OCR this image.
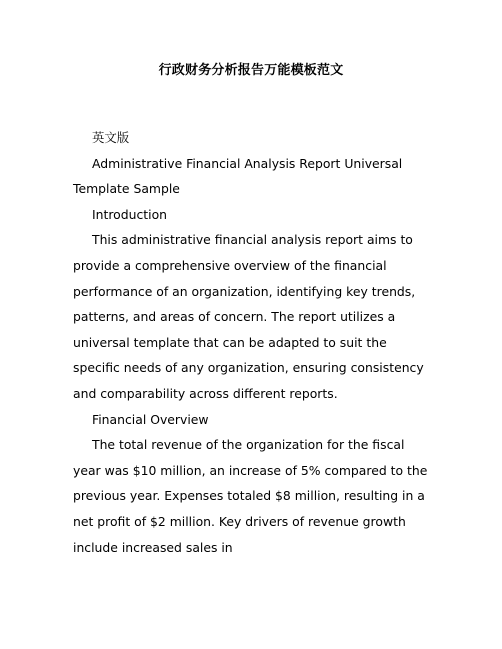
行政财务分析报告万能模板范文

英文版

Administrative Financial Analysis Report Universal Template Sample

Introduction

This administrative financial analysis report aims to provide a comprehensive overview of the financial performance of an organization, identifying key trends, patterns, and areas of concern. The report utilizes a universal template that can be adapted to suit the specific needs of any organization, ensuring consistency and comparability across different reports.

Financial Overview

The total revenue of the organization for the fiscal year was $10 million, an increase of 5% compared to the previous year. Expenses totaled $8 million, resulting in a net profit of $2 million. Key drivers of revenue growth include increased sales in
